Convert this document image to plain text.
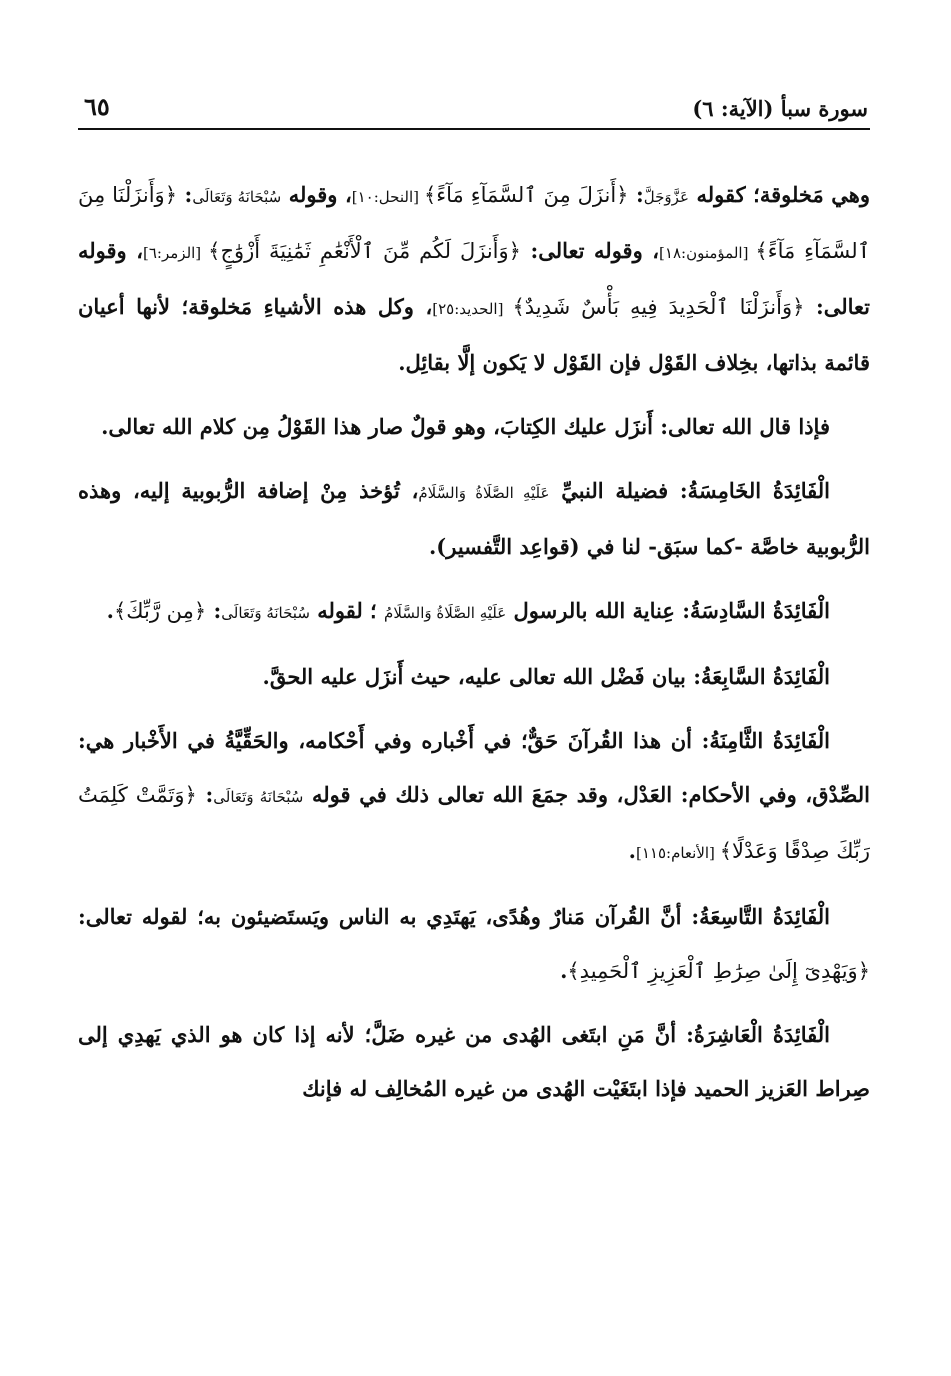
سورة سبأ (الآية: ٦)
٦٥

وهي مَخلوقة؛ كقوله عَزَّوَجَلَّ: ﴿أَنزَلَ مِنَ ٱلسَّمَآءِ مَآءً﴾ [النحل:١٠]، وقوله سُبْحَانَهُ وَتَعَالَى: ﴿وَأَنزَلْنَا مِنَ ٱلسَّمَآءِ مَآءً﴾ [المؤمنون:١٨]، وقوله تعالى: ﴿وَأَنزَلَ لَكُم مِّنَ ٱلْأَنْعَٰمِ ثَمَٰنِيَةَ أَزْوَٰجٍ﴾ [الزمر:٦]، وقوله تعالى: ﴿وَأَنزَلْنَا ٱلْحَدِيدَ فِيهِ بَأْسٌ شَدِيدٌ﴾ [الحديد:٢٥]، وكل هذه الأشياءِ مَخلوقة؛ لأنها أعيان قائمة بذاتها، بخِلاف القَوْل فإن القَوْل لا يَكون إلَّا بقائِل.

فإذا قال الله تعالى: أَنزَل عليك الكِتابَ، وهو قولٌ صار هذا القَوْلُ مِن كلام الله تعالى.

الْفَائِدَةُ الخَامِسَةُ: فضيلة النبيِّ عَلَيْهِ الصَّلَاةُ وَالسَّلَامُ، تُؤخذ مِنْ إضافة الرُّبوبية إليه، وهذه الرُّبوبية خاصَّة -كما سبَق- لنا في (قواعِد التَّفسير).

الْفَائِدَةُ السَّادِسَةُ: عِناية الله بالرسول عَلَيْهِ الصَّلَاةُ وَالسَّلَامُ ؛ لقوله سُبْحَانَهُ وَتَعَالَى: ﴿مِن رَّبِّكَ﴾.

الْفَائِدَةُ السَّابِعَةُ: بيان فَضْل الله تعالى عليه، حيث أَنزَل عليه الحقَّ.

الْفَائِدَةُ الثَّامِنَةُ: أن هذا القُرآنَ حَقٌّ؛ في أَخْباره وفي أَحْكامه، والحَقِّيَّةُ في الأَخْبار هي: الصِّدْق، وفي الأحكام: العَدْل، وقد جمَعَ الله تعالى ذلك في قوله سُبْحَانَهُ وَتَعَالَى: ﴿وَتَمَّتْ كَلِمَتُ رَبِّكَ صِدْقًا وَعَدْلًا﴾ [الأنعام:١١٥].

الْفَائِدَةُ التَّاسِعَةُ: أنَّ القُرآن مَنارٌ وهُدًى، يَهتَدِي به الناس ويَستَضيئون به؛ لقوله تعالى: ﴿وَيَهْدِىٓ إِلَىٰ صِرَٰطِ ٱلْعَزِيزِ ٱلْحَمِيدِ﴾.

الْفَائِدَةُ الْعَاشِرَةُ: أنَّ مَنِ ابتَغى الهُدى من غيره ضَلَّ؛ لأنه إذا كان هو الذي يَهدِي إلى صِراط العَزيز الحميد فإذا ابتَغَيْت الهُدى من غيره المُخالِف له فإنك
